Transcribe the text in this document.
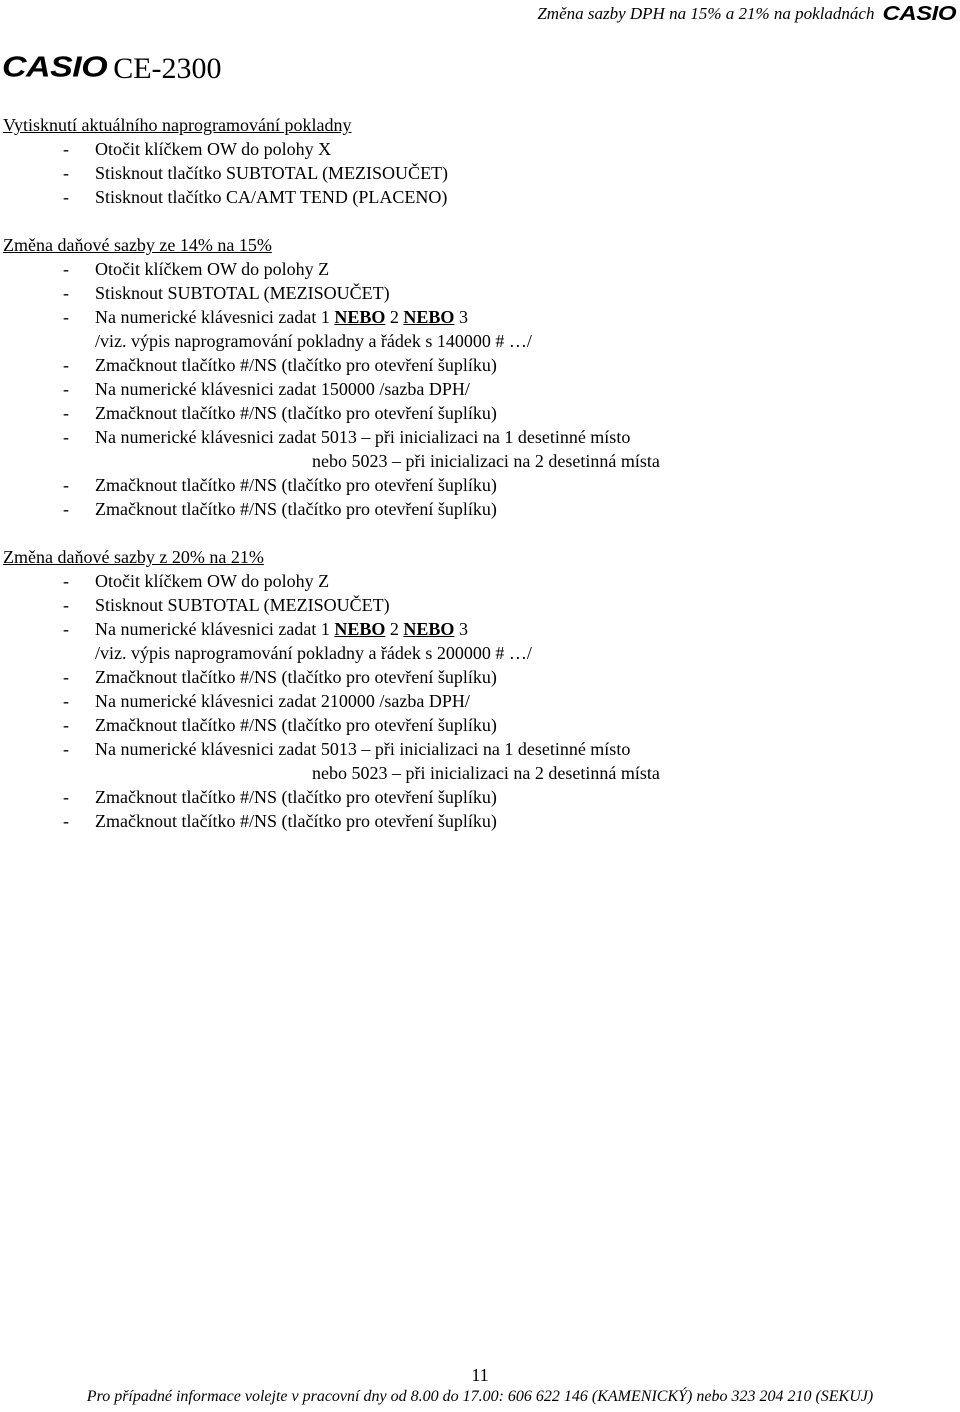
Změna sazby DPH na 15% a 21% na pokladnách CASIO
CASIO CE-2300
Vytisknutí aktuálního naprogramování pokladny
- Otočit klíčkem OW do polohy X
- Stisknout tlačítko SUBTOTAL (MEZISOUČET)
- Stisknout tlačítko CA/AMT TEND (PLACENO)
Změna daňové sazby ze 14% na 15%
- Otočit klíčkem OW do polohy Z
- Stisknout SUBTOTAL (MEZISOUČET)
- Na numerické klávesnici zadat 1 NEBO 2 NEBO 3
/viz. výpis naprogramování pokladny a řádek s 140000 # …/
- Zmačknout tlačítko #/NS (tlačítko pro otevření šuplíku)
- Na numerické klávesnici zadat 150000 /sazba DPH/
- Zmačknout tlačítko #/NS (tlačítko pro otevření šuplíku)
- Na numerické klávesnici zadat 5013 – při inicializaci na 1 desetinné místo
nebo 5023 – při inicializaci na 2 desetinná místa
- Zmačknout tlačítko #/NS (tlačítko pro otevření šuplíku)
- Zmačknout tlačítko #/NS (tlačítko pro otevření šuplíku)
Změna daňové sazby z 20% na 21%
- Otočit klíčkem OW do polohy Z
- Stisknout SUBTOTAL (MEZISOUČET)
- Na numerické klávesnici zadat 1 NEBO 2 NEBO 3
/viz. výpis naprogramování pokladny a řádek s 200000 # …/
- Zmačknout tlačítko #/NS (tlačítko pro otevření šuplíku)
- Na numerické klávesnici zadat 210000 /sazba DPH/
- Zmačknout tlačítko #/NS (tlačítko pro otevření šuplíku)
- Na numerické klávesnici zadat 5013 – při inicializaci na 1 desetinné místo
nebo 5023 – při inicializaci na 2 desetinná místa
- Zmačknout tlačítko #/NS (tlačítko pro otevření šuplíku)
- Zmačknout tlačítko #/NS (tlačítko pro otevření šuplíku)
11
Pro případné informace volejte v pracovní dny od 8.00 do 17.00: 606 622 146 (KAMENICKÝ) nebo 323 204 210 (SEKUJ)
